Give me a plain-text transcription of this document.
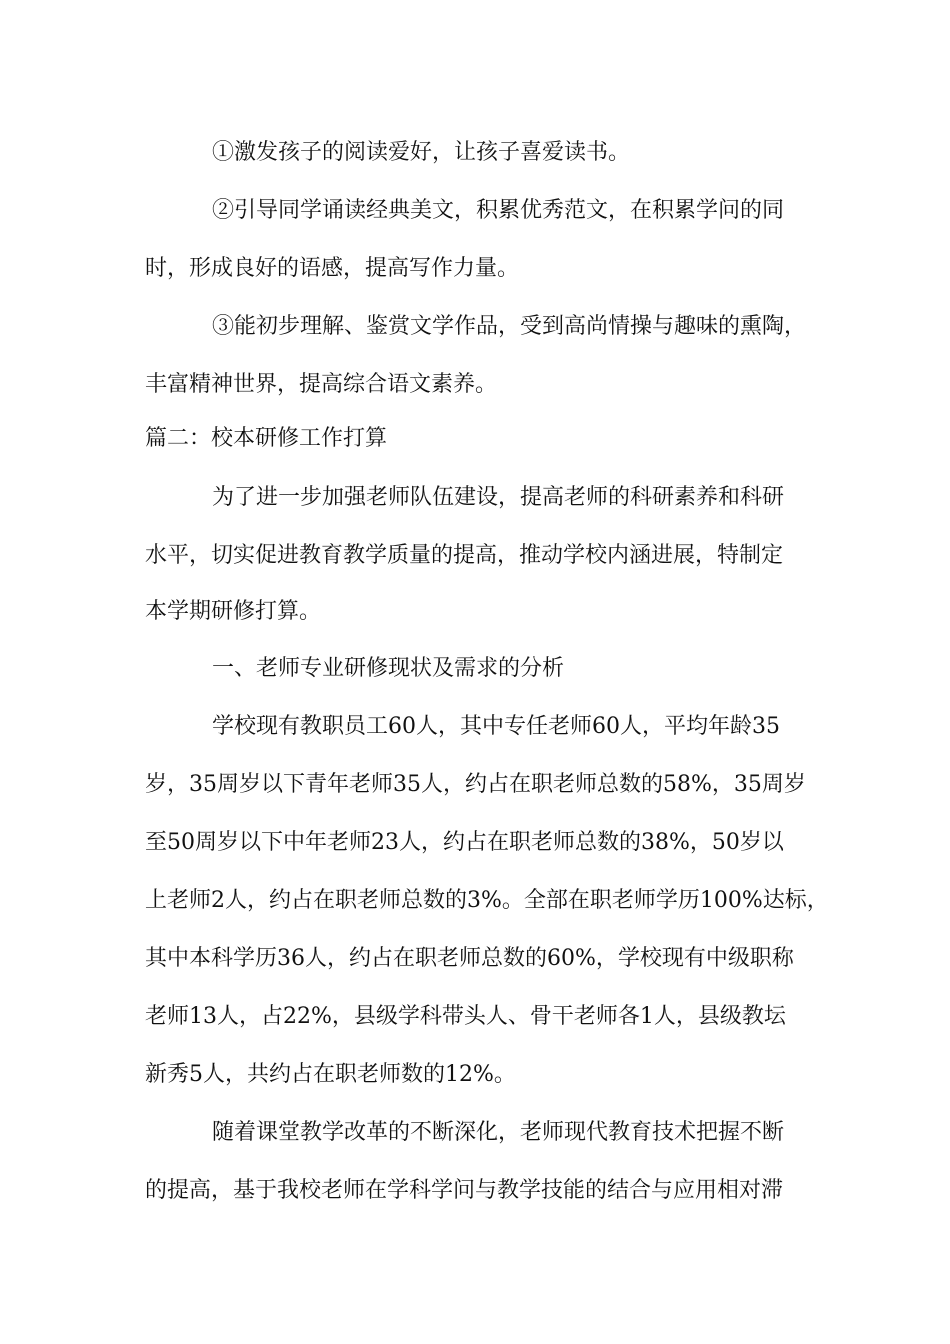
①激发孩子的阅读爱好，让孩子喜爱读书。
②引导同学诵读经典美文，积累优秀范文，在积累学问的同
时，形成良好的语感，提高写作力量。
③能初步理解、鉴赏文学作品，受到高尚情操与趣味的熏陶，
丰富精神世界，提高综合语文素养。
篇二：校本研修工作打算
为了进一步加强老师队伍建设，提高老师的科研素养和科研
水平，切实促进教育教学质量的提高，推动学校内涵进展，特制定
本学期研修打算。
一、老师专业研修现状及需求的分析
学校现有教职员工60人，其中专任老师60人，平均年龄35
岁，35周岁以下青年老师35人，约占在职老师总数的58%，35周岁
至50周岁以下中年老师23人，约占在职老师总数的38%，50岁以
上老师2人，约占在职老师总数的3%。全部在职老师学历100%达标，
其中本科学历36人，约占在职老师总数的60%，学校现有中级职称
老师13人，占22%，县级学科带头人、骨干老师各1人，县级教坛
新秀5人，共约占在职老师数的12%。
随着课堂教学改革的不断深化，老师现代教育技术把握不断
的提高，基于我校老师在学科学问与教学技能的结合与应用相对滞
